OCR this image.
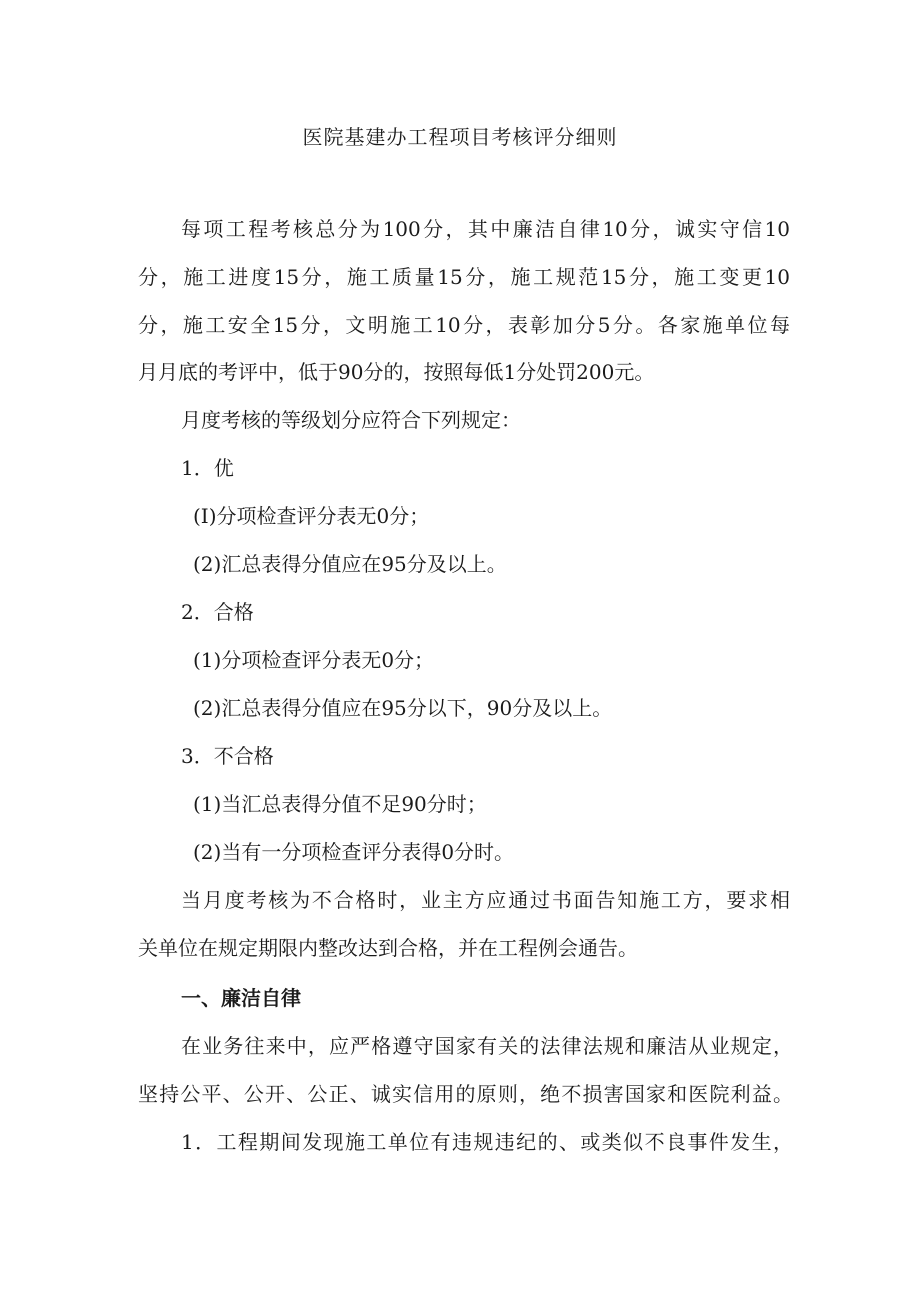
医院基建办工程项目考核评分细则
每项工程考核总分为100分，其中廉洁自律10分，诚实守信10
分，施工进度15分，施工质量15分，施工规范15分，施工变更10
分，施工安全15分，文明施工10分，表彰加分5分。各家施单位每
月月底的考评中，低于90分的，按照每低1分处罚200元。
月度考核的等级划分应符合下列规定：
1．优
(I)分项检查评分表无0分；
(2)汇总表得分值应在95分及以上。
2．合格
(1)分项检查评分表无0分；
(2)汇总表得分值应在95分以下，90分及以上。
3．不合格
(1)当汇总表得分值不足90分时；
(2)当有一分项检查评分表得0分时。
当月度考核为不合格时，业主方应通过书面告知施工方，要求相
关单位在规定期限内整改达到合格，并在工程例会通告。
一、廉洁自律
在业务往来中，应严格遵守国家有关的法律法规和廉洁从业规定，
坚持公平、公开、公正、诚实信用的原则，绝不损害国家和医院利益。
1．工程期间发现施工单位有违规违纪的、或类似不良事件发生，
